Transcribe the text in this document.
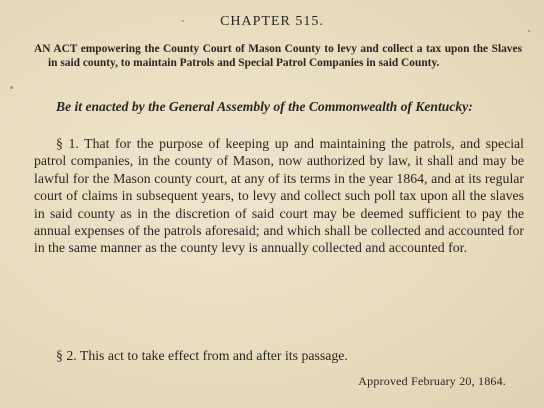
CHAPTER 515.
AN ACT empowering the County Court of Mason County to levy and collect a tax upon the Slaves in said county, to maintain Patrols and Special Patrol Companies in said County.
Be it enacted by the General Assembly of the Commonwealth of Kentucky:
§ 1. That for the purpose of keeping up and maintaining the patrols, and special patrol companies, in the county of Mason, now authorized by law, it shall and may be lawful for the Mason county court, at any of its terms in the year 1864, and at its regular court of claims in subsequent years, to levy and collect such poll tax upon all the slaves in said county as in the discretion of said court may be deemed sufficient to pay the annual expenses of the patrols aforesaid; and which shall be collected and accounted for in the same manner as the county levy is annually collected and accounted for.
§ 2. This act to take effect from and after its passage.
Approved February 20, 1864.
